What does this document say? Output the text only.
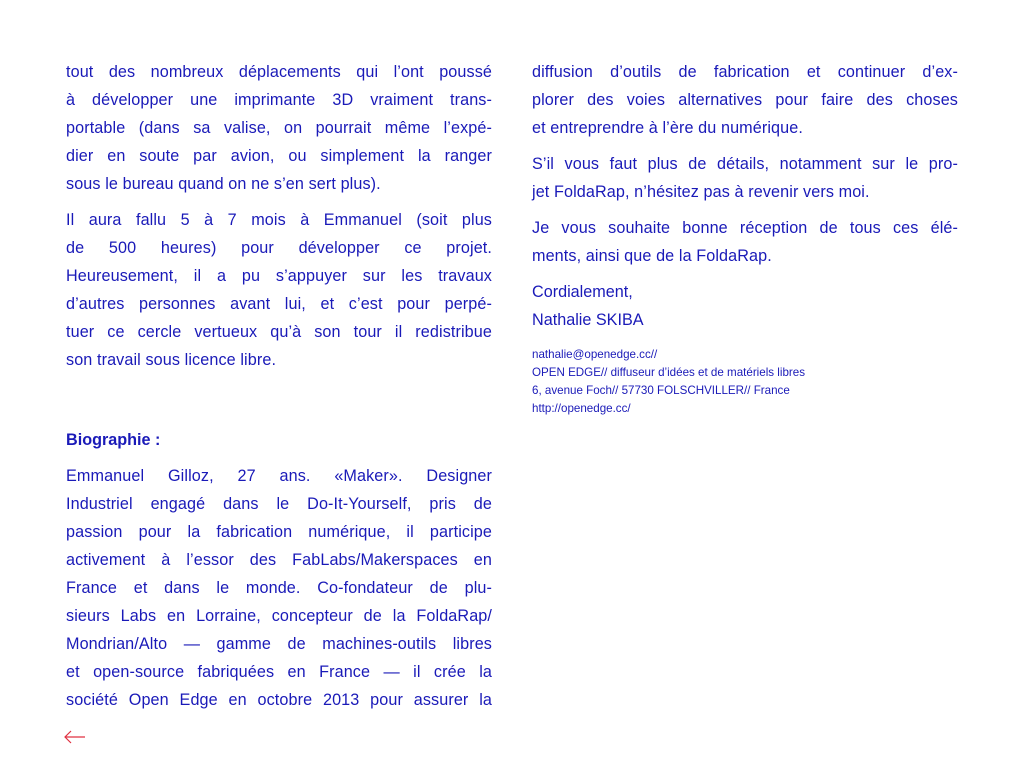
tout des nombreux déplacements qui l’ont poussé
à développer une imprimante 3D vraiment trans-
portable (dans sa valise, on pourrait même l’expé-
dier en soute par avion, ou simplement la ranger
sous le bureau quand on ne s’en sert plus).

Il aura fallu 5 à 7 mois à Emmanuel (soit plus
de 500 heures) pour développer ce projet.
Heureusement, il a pu s’appuyer sur les travaux
d’autres personnes avant lui, et c’est pour perpé-
tuer ce cercle vertueux qu’à son tour il redistribue
son travail sous licence libre.

Biographie :

Emmanuel Gilloz, 27 ans. «Maker». Designer
Industriel engagé dans le Do-It-Yourself, pris de
passion pour la fabrication numérique, il participe
activement à l’essor des FabLabs/Makerspaces en
France et dans le monde. Co-fondateur de plu-
sieurs Labs en Lorraine, concepteur de la FoldaRap/
Mondrian/Alto — gamme de machines-outils libres
et open-source fabriquées en France — il crée la
société Open Edge en octobre 2013 pour assurer la

diffusion d’outils de fabrication et continuer d’ex-
plorer des voies alternatives pour faire des choses
et entreprendre à l’ère du numérique.

S’il vous faut plus de détails, notamment sur le pro-
jet FoldaRap, n’hésitez pas à revenir vers moi.

Je vous souhaite bonne réception de tous ces élé-
ments, ainsi que de la FoldaRap.

Cordialement,
Nathalie SKIBA
nathalie@openedge.cc//
OPEN EDGE// diffuseur d’idées et de matériels libres
6, avenue Foch// 57730 FOLSCHVILLER// France
http://openedge.cc/
